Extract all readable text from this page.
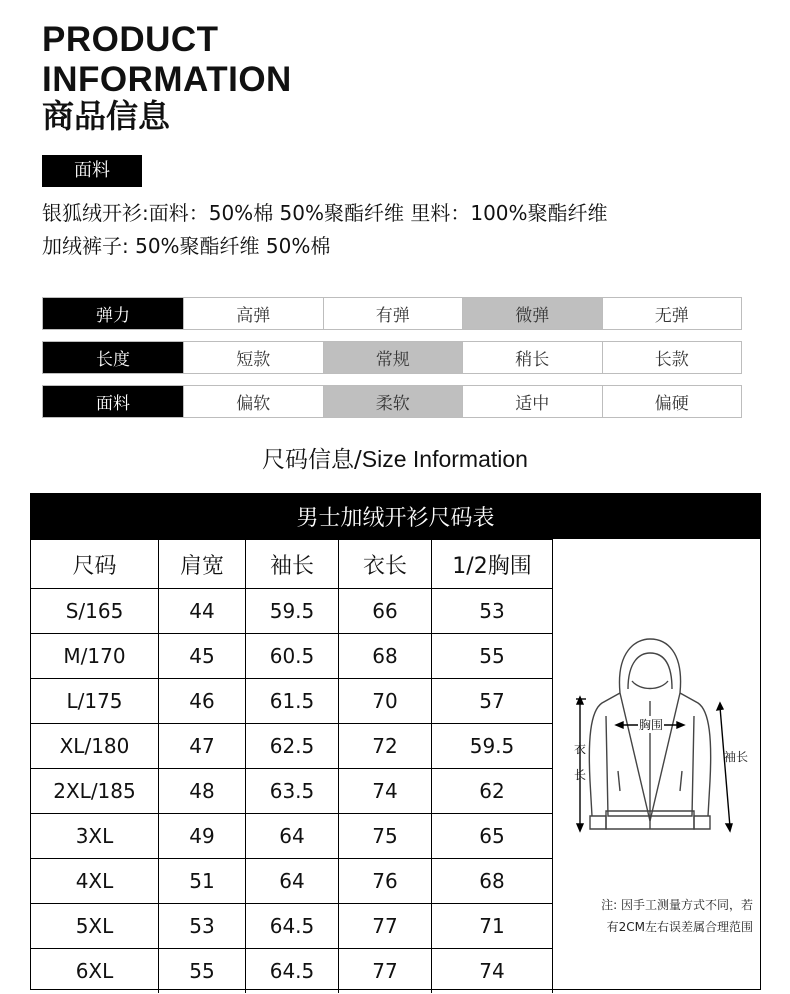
PRODUCT
INFORMATION
商品信息
面料
银狐绒开衫:面料：50%棉 50%聚酯纤维 里料：100%聚酯纤维
加绒裤子: 50%聚酯纤维 50%棉
弹力	高弹	有弹	微弹	无弹
长度	短款	常规	稍长	长款
面料	偏软	柔软	适中	偏硬
尺码信息/Size Information
男士加绒开衫尺码表
尺码	肩宽	袖长	衣长	1/2胸围
S/165	44	59.5	66	53
M/170	45	60.5	68	55
L/175	46	61.5	70	57
XL/180	47	62.5	72	59.5
2XL/185	48	63.5	74	62
3XL	49	64	75	65
4XL	51	64	76	68
5XL	53	64.5	77	71
6XL	55	64.5	77	74
胸围
衣
长
袖长
注: 因手工测量方式不同，若
有2CM左右误差属合理范围
